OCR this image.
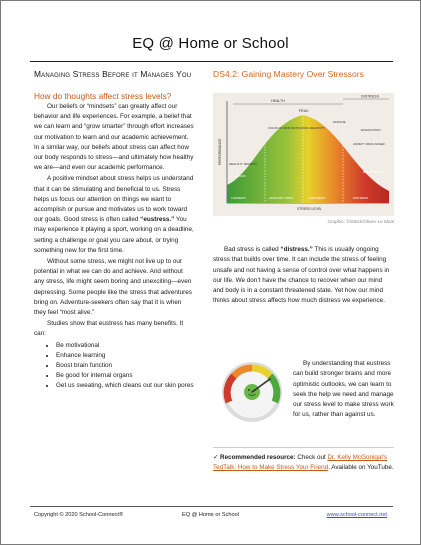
EQ @ Home or School
Managing Stress Before it Manages You
How do thoughts affect stress levels?

Our beliefs or “mindsets” can greatly affect our behavior and life experiences. For example, a belief that we can learn and “grow smarter” through effort increases our motivation to learn and our academic achievement. In a similar way, our beliefs about stress can affect how our body responds to stress—and ultimately how healthy we are—and even our academic performance.

A positive mindset about stress helps us understand that it can be stimulating and beneficial to us. Stress helps us focus our attention on things we want to accomplish or pursue and motivates us to work toward our goals. Good stress is often called “eustress.” You may experience it playing a sport, working on a deadline, setting a challenge or goal you care about, or trying something new for the first time.

Without some stress, we might not live up to our potential in what we can do and achieve. And without any stress, life might seem boring and unexciting—even depressing. Some people like the stress that adventures bring on. Adventure-seekers often say that it is when they feel “most alive.”

Studies show that eustress has many benefits. It can:

• Be motivational
• Enhance learning
• Boost brain function
• Be good for internal organs
• Get us sweating, which cleans out our skin pores
DS4.2: Gaining Mastery Over Stressors
HEALTH
PEAK
DISTRESS
HEALTHY TENSION
FOCUS OF MIND MOTIVATION CREATIVITY
FATIGUE
EXHAUSTION
ANXIETY PANIC ANGER
BOREDOM
BREAKDOWN
LAZINESS	COMFORT ZONE	EUSTRESS	DISTRESS
PERFORMANCE
STRESS LEVEL
Graphic: ©iStock/Olivier Le Moal

Bad stress is called “distress.” This is usually ongoing stress that builds over time. It can include the stress of feeling unsafe and not having a sense of control over what happens in our life. We don’t have the chance to recover when our mind and body is in a constant threatened state. Yet how our mind thinks about stress affects how much distress we experience.

By understanding that eustress can build stronger brains and more optimistic outlooks, we can learn to seek the help we need and manage our stress level to make stress work for us, rather than against us.

✓ Recommended resource: Check out Dr. Kelly McGonigal’s TedTalk: How to Make Stress Your Friend. Available on YouTube.
Copyright © 2020 School-Connect®	EQ @ Home or School	www.school-connect.net
